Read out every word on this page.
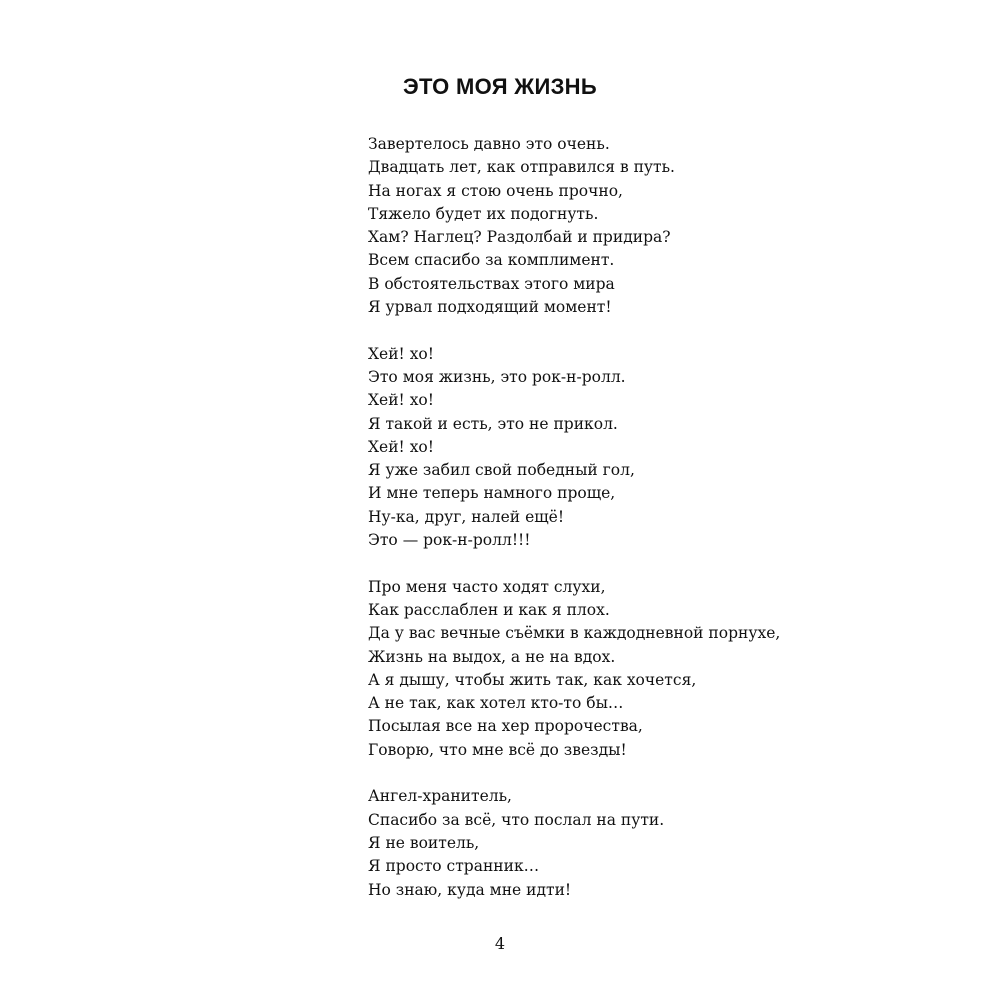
ЭТО МОЯ ЖИЗНЬ
Завертелось давно это очень.
Двадцать лет, как отправился в путь.
На ногах я стою очень прочно,
Тяжело будет их подогнуть.
Хам? Наглец? Раздолбай и придира?
Всем спасибо за комплимент.
В обстоятельствах этого мира
Я урвал подходящий момент!
Хей! хо!
Это моя жизнь, это рок-н-ролл.
Хей! хо!
Я такой и есть, это не прикол.
Хей! хо!
Я уже забил свой победный гол,
И мне теперь намного проще,
Ну-ка, друг, налей ещё!
Это — рок-н-ролл!!!
Про меня часто ходят слухи,
Как расслаблен и как я плох.
Да у вас вечные съёмки в каждодневной порнухе,
Жизнь на выдох, а не на вдох.
А я дышу, чтобы жить так, как хочется,
А не так, как хотел кто-то бы…
Посылая все на хер пророчества,
Говорю, что мне всё до звезды!
Ангел-хранитель,
Спасибо за всё, что послал на пути.
Я не воитель,
Я просто странник…
Но знаю, куда мне идти!
4
